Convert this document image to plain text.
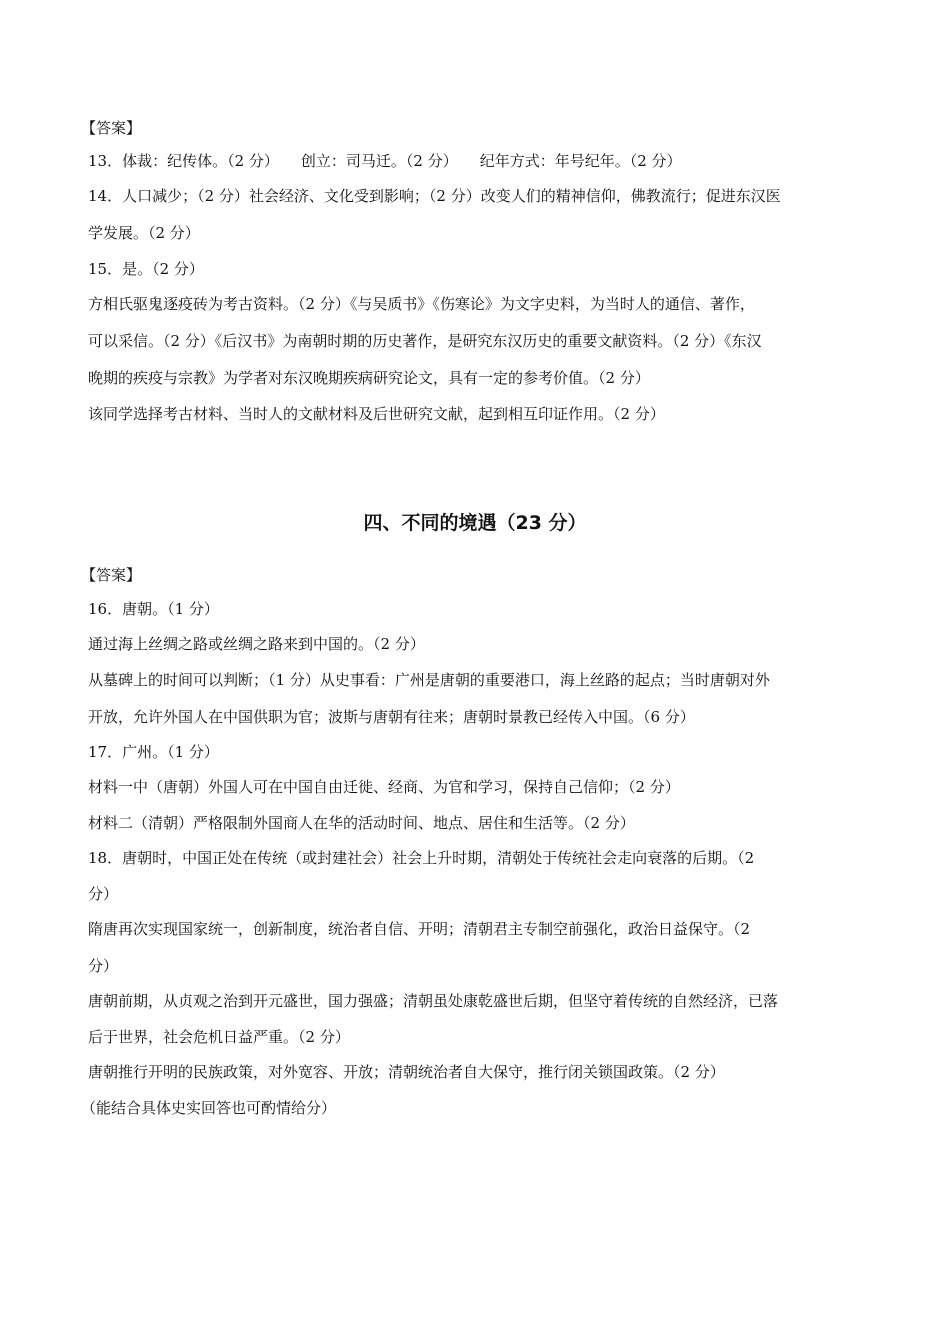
【答案】
13．体裁：纪传体。（2 分） 创立：司马迁。（2 分） 纪年方式：年号纪年。（2 分）
14．人口减少；（2 分）社会经济、文化受到影响；（2 分）改变人们的精神信仰，佛教流行；促进东汉医
学发展。（2 分）
15．是。（2 分）
方相氏驱鬼逐疫砖为考古资料。（2 分）《与吴质书》《伤寒论》为文字史料，为当时人的通信、著作，
可以采信。（2 分）《后汉书》为南朝时期的历史著作，是研究东汉历史的重要文献资料。（2 分）《东汉
晚期的疾疫与宗教》为学者对东汉晚期疾病研究论文，具有一定的参考价值。（2 分）
该同学选择考古材料、当时人的文献材料及后世研究文献，起到相互印证作用。（2 分）
四、不同的境遇（23 分）
【答案】
16．唐朝。（1 分）
通过海上丝绸之路或丝绸之路来到中国的。（2 分）
从墓碑上的时间可以判断；（1 分）从史事看：广州是唐朝的重要港口，海上丝路的起点；当时唐朝对外
开放，允许外国人在中国供职为官；波斯与唐朝有往来；唐朝时景教已经传入中国。（6 分）
17．广州。（1 分）
材料一中（唐朝）外国人可在中国自由迁徙、经商、为官和学习，保持自己信仰；（2 分）
材料二（清朝）严格限制外国商人在华的活动时间、地点、居住和生活等。（2 分）
18．唐朝时，中国正处在传统（或封建社会）社会上升时期，清朝处于传统社会走向衰落的后期。（2
分）
隋唐再次实现国家统一，创新制度，统治者自信、开明；清朝君主专制空前强化，政治日益保守。（2
分）
唐朝前期，从贞观之治到开元盛世，国力强盛；清朝虽处康乾盛世后期，但坚守着传统的自然经济，已落
后于世界，社会危机日益严重。（2 分）
唐朝推行开明的民族政策，对外宽容、开放；清朝统治者自大保守，推行闭关锁国政策。（2 分）
（能结合具体史实回答也可酌情给分）
